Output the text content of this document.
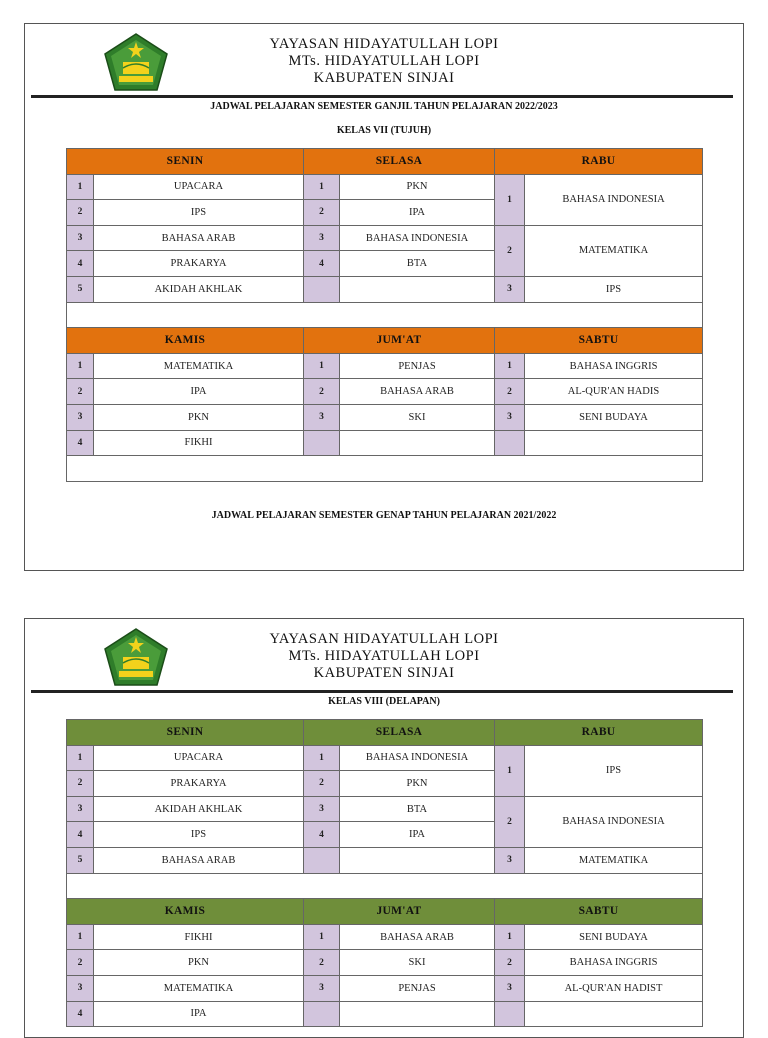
YAYASAN HIDAYATULLAH LOPI
MTs. HIDAYATULLAH LOPI
KABUPATEN SINJAI
JADWAL PELAJARAN SEMESTER GANJIL TAHUN PELAJARAN 2022/2023
KELAS VII (TUJUH)
SENIN		SELASA		RABU	
1	UPACARA	1	PKN	1	BAHASA INDONESIA
2	IPS	2	IPA		
3	BAHASA ARAB	3	BAHASA INDONESIA	2	MATEMATIKA
4	PRAKARYA	4	BTA		
5	AKIDAH AKHLAK			3	IPS

KAMIS		JUM'AT		SABTU	
1	MATEMATIKA	1	PENJAS	1	BAHASA INGGRIS
2	IPA	2	BAHASA ARAB	2	AL-QUR'AN HADIS
3	PKN	3	SKI	3	SENI BUDAYA
4	FIKHI				

JADWAL PELAJARAN SEMESTER GENAP TAHUN PELAJARAN 2021/2022
YAYASAN HIDAYATULLAH LOPI
MTs. HIDAYATULLAH LOPI
KABUPATEN SINJAI
KELAS VIII (DELAPAN)
SENIN		SELASA		RABU	
1	UPACARA	1	BAHASA INDONESIA	1	IPS
2	PRAKARYA	2	PKN		
3	AKIDAH AKHLAK	3	BTA	2	BAHASA INDONESIA
4	IPS	4	IPA		
5	BAHASA ARAB			3	MATEMATIKA

KAMIS		JUM'AT		SABTU	
1	FIKHI	1	BAHASA ARAB	1	SENI BUDAYA
2	PKN	2	SKI	2	BAHASA INGGRIS
3	MATEMATIKA	3	PENJAS	3	AL-QUR'AN HADIST
4	IPA				
